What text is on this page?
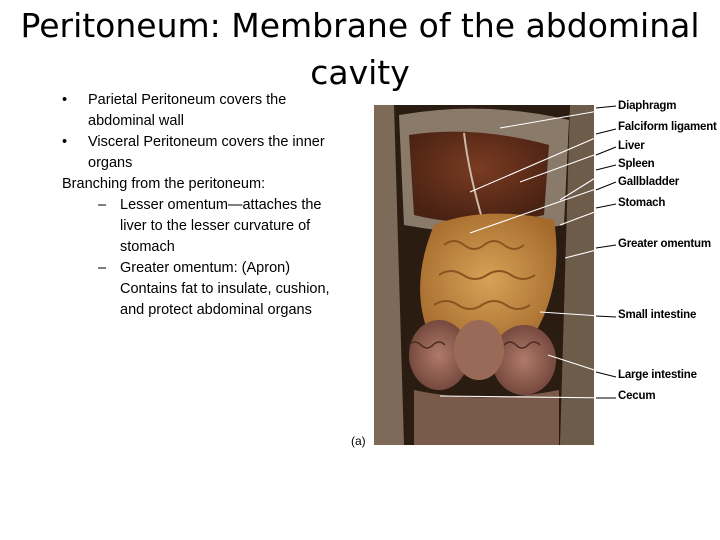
Peritoneum: Membrane of the abdominal cavity
• Parietal Peritoneum covers the abdominal wall
• Visceral Peritoneum covers the inner organs
Branching from the peritoneum:
– Lesser omentum—attaches the liver to the lesser curvature of stomach
– Greater omentum: (Apron) Contains fat to insulate, cushion, and protect abdominal organs
Diaphragm
Falciform ligament
Liver
Spleen
Gallbladder
Stomach
Greater omentum
Small intestine
Large intestine
Cecum
(a)
